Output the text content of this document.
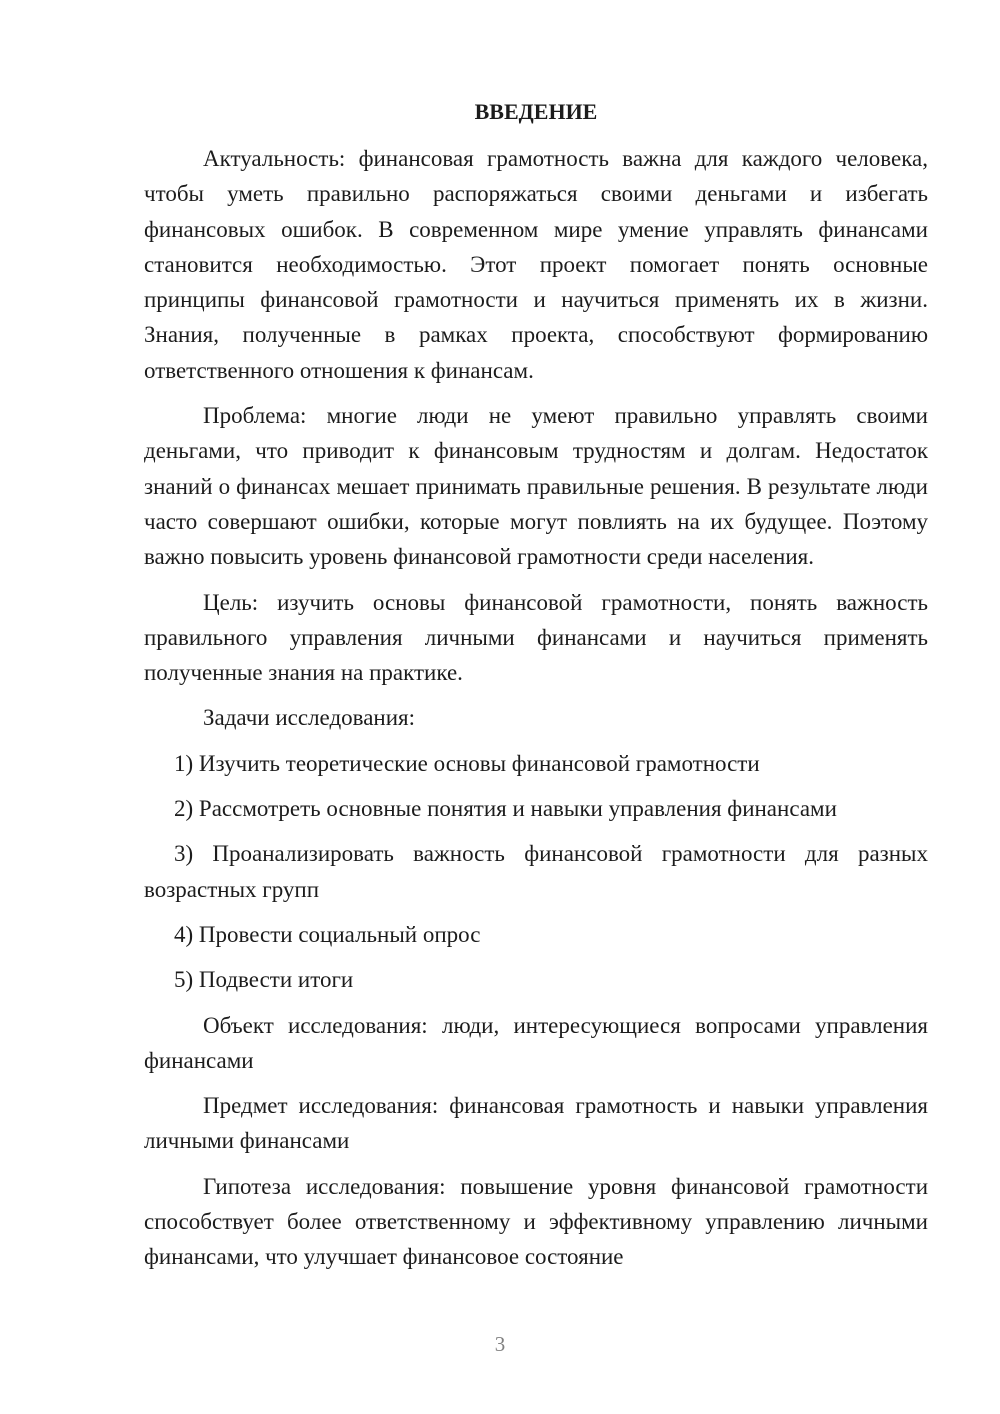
ВВЕДЕНИЕ

Актуальность: финансовая грамотность важна для каждого человека, чтобы уметь правильно распоряжаться своими деньгами и избегать финансовых ошибок. В современном мире умение управлять финансами становится необходимостью. Этот проект помогает понять основные принципы финансовой грамотности и научиться применять их в жизни. Знания, полученные в рамках проекта, способствуют формированию ответственного отношения к финансам.

Проблема: многие люди не умеют правильно управлять своими деньгами, что приводит к финансовым трудностям и долгам. Недостаток знаний о финансах мешает принимать правильные решения. В результате люди часто совершают ошибки, которые могут повлиять на их будущее. Поэтому важно повысить уровень финансовой грамотности среди населения.

Цель: изучить основы финансовой грамотности, понять важность правильного управления личными финансами и научиться применять полученные знания на практике.

Задачи исследования:

1) Изучить теоретические основы финансовой грамотности

2) Рассмотреть основные понятия и навыки управления финансами

3) Проанализировать важность финансовой грамотности для разных возрастных групп

4) Провести социальный опрос

5) Подвести итоги

Объект исследования: люди, интересующиеся вопросами управления финансами

Предмет исследования: финансовая грамотность и навыки управления личными финансами

Гипотеза исследования: повышение уровня финансовой грамотности способствует более ответственному и эффективному управлению личными финансами, что улучшает финансовое состояние

3
